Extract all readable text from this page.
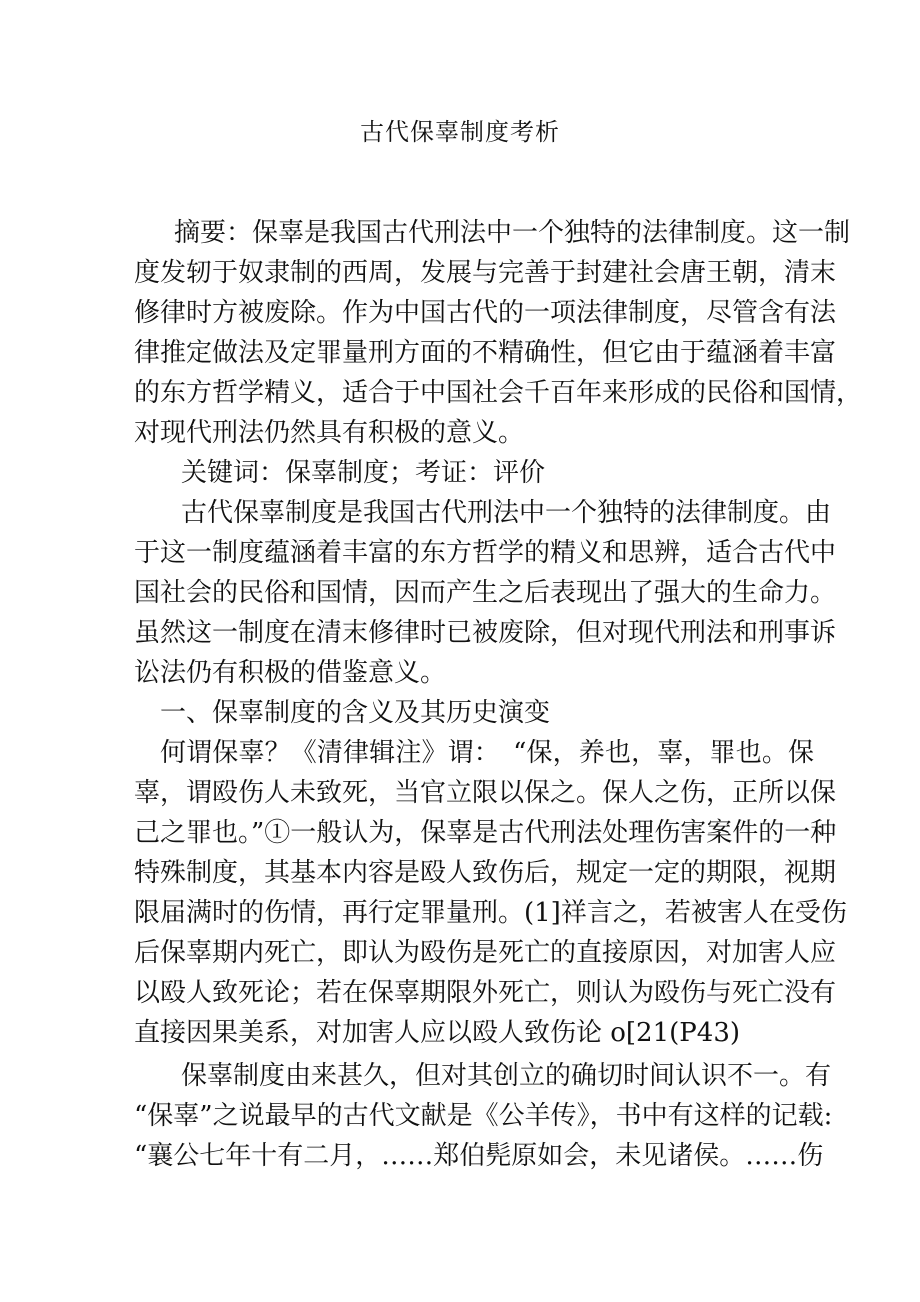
古代保辜制度考析
摘要：保辜是我国古代刑法中一个独特的法律制度。这一制
度发轫于奴隶制的西周，发展与完善于封建社会唐王朝，清末
修律时方被废除。作为中国古代的一项法律制度，尽管含有法
律推定做法及定罪量刑方面的不精确性，但它由于蕴涵着丰富
的东方哲学精义，适合于中国社会千百年来形成的民俗和国情，
对现代刑法仍然具有积极的意义。
关键词：保辜制度；考证：评价
古代保辜制度是我国古代刑法中一个独特的法律制度。由
于这一制度蕴涵着丰富的东方哲学的精义和思辨，适合古代中
国社会的民俗和国情，因而产生之后表现出了强大的生命力。
虽然这一制度在清末修律时已被废除，但对现代刑法和刑事诉
讼法仍有积极的借鉴意义。
一、保辜制度的含义及其历史演变
何谓保辜？《清律辑注》谓：　“保，养也，辜，罪也。保
辜，谓殴伤人未致死，当官立限以保之。保人之伤，正所以保
己之罪也。”①一般认为，保辜是古代刑法处理伤害案件的一种
特殊制度，其基本内容是殴人致伤后，规定一定的期限，视期
限届满时的伤情，再行定罪量刑。(1]祥言之，若被害人在受伤
后保辜期内死亡，即认为殴伤是死亡的直接原因，对加害人应
以殴人致死论；若在保辜期限外死亡，则认为殴伤与死亡没有
直接因果美系，对加害人应以殴人致伤论 o[21(P43)
保辜制度由来甚久，但对其创立的确切时间认识不一。有
“保辜”之说最早的古代文献是《公羊传》，书中有这样的记载:
“襄公七年十有二月，……郑伯髡原如会，未见诸侯。……伤
